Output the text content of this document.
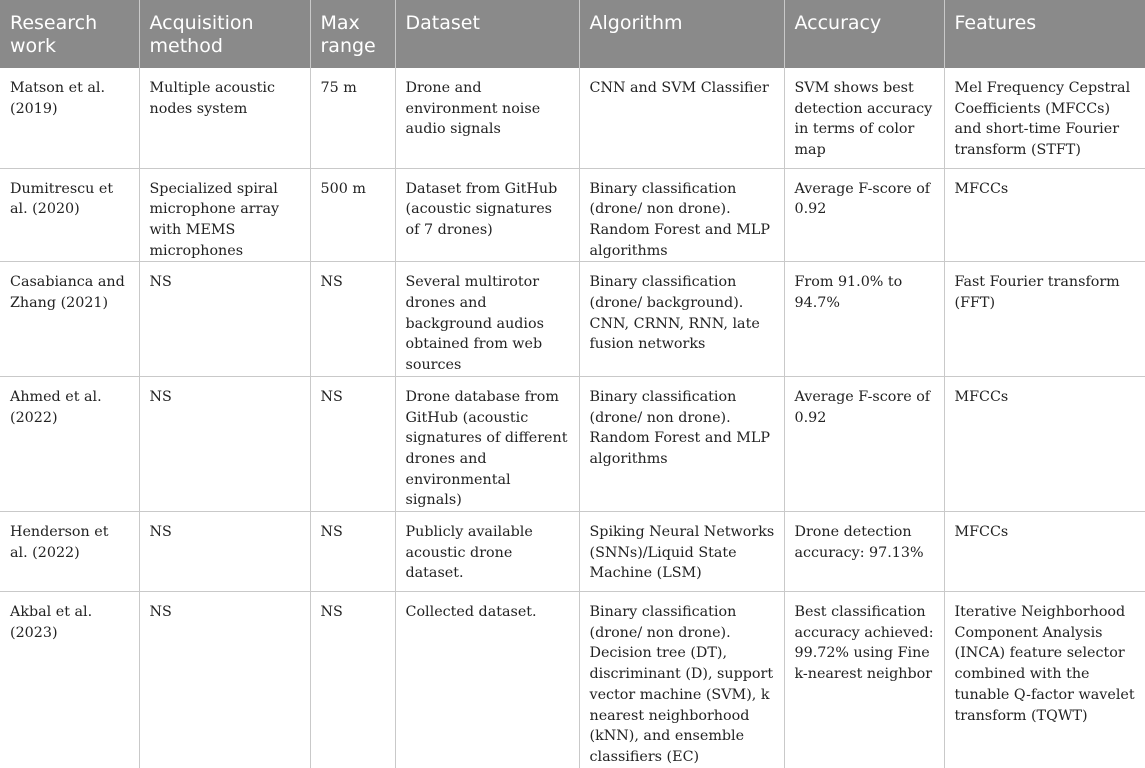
Research work	Acquisition method	Max range	Dataset	Algorithm	Accuracy	Features
Matson et al. (2019)	Multiple acoustic nodes system	75 m	Drone and environment noise audio signals	CNN and SVM Classifier	SVM shows best detection accuracy in terms of color map	Mel Frequency Cepstral Coefficients (MFCCs) and short-time Fourier transform (STFT)
Dumitrescu et al. (2020)	Specialized spiral microphone array with MEMS microphones	500 m	Dataset from GitHub (acoustic signatures of 7 drones)	Binary classification (drone/ non drone). Random Forest and MLP algorithms	Average F-score of 0.92	MFCCs
Casabianca and Zhang (2021)	NS	NS	Several multirotor drones and background audios obtained from web sources	Binary classification (drone/ background). CNN, CRNN, RNN, late fusion networks	From 91.0% to 94.7%	Fast Fourier transform (FFT)
Ahmed et al. (2022)	NS	NS	Drone database from GitHub (acoustic signatures of different drones and environmental signals)	Binary classification (drone/ non drone). Random Forest and MLP algorithms	Average F-score of 0.92	MFCCs
Henderson et al. (2022)	NS	NS	Publicly available acoustic drone dataset.	Spiking Neural Networks (SNNs)/Liquid State Machine (LSM)	Drone detection accuracy: 97.13%	MFCCs
Akbal et al. (2023)	NS	NS	Collected dataset.	Binary classification (drone/ non drone). Decision tree (DT), discriminant (D), support vector machine (SVM), k nearest neighborhood (kNN), and ensemble classifiers (EC)	Best classification accuracy achieved: 99.72% using Fine k-nearest neighbor	Iterative Neighborhood Component Analysis (INCA) feature selector combined with the tunable Q-factor wavelet transform (TQWT)
